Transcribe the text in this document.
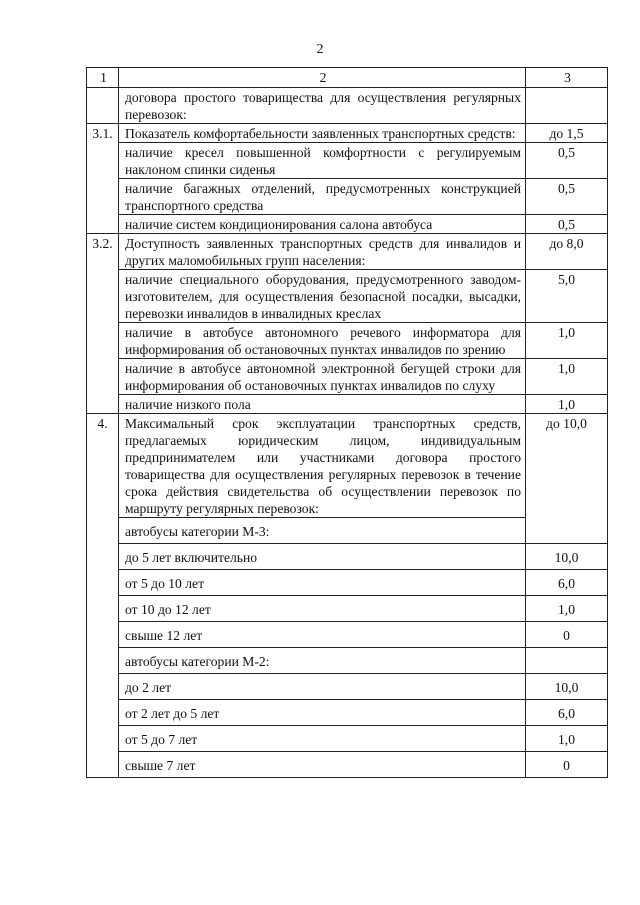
2
1	2	3
	договора простого товарищества для осуществления регулярных перевозок:	
3.1.	Показатель комфортабельности заявленных транспортных средств:	до 1,5
	наличие кресел повышенной комфортности с регулируемым наклоном спинки сиденья	0,5
	наличие багажных отделений, предусмотренных конструкцией транспортного средства	0,5
	наличие систем кондиционирования салона автобуса	0,5
3.2.	Доступность заявленных транспортных средств для инвалидов и других маломобильных групп населения:	до 8,0
	наличие специального оборудования, предусмотренного заводом-изготовителем, для осуществления безопасной посадки, высадки, перевозки инвалидов в инвалидных креслах	5,0
	наличие в автобусе автономного речевого информатора для информирования об остановочных пунктах инвалидов по зрению	1,0
	наличие в автобусе автономной электронной бегущей строки для информирования об остановочных пунктах инвалидов по слуху	1,0
	наличие низкого пола	1,0
4.	Максимальный срок эксплуатации транспортных средств, предлагаемых юридическим лицом, индивидуальным предпринимателем или участниками договора простого товарищества для осуществления регулярных перевозок в течение срока действия свидетельства об осуществлении перевозок по маршруту регулярных перевозок:	до 10,0
	автобусы категории М-3:	
	до 5 лет включительно	10,0
	от 5 до 10 лет	6,0
	от 10 до 12 лет	1,0
	свыше 12 лет	0
	автобусы категории М-2:	
	до 2 лет	10,0
	от 2 лет до 5 лет	6,0
	от 5 до 7 лет	1,0
	свыше 7 лет	0
